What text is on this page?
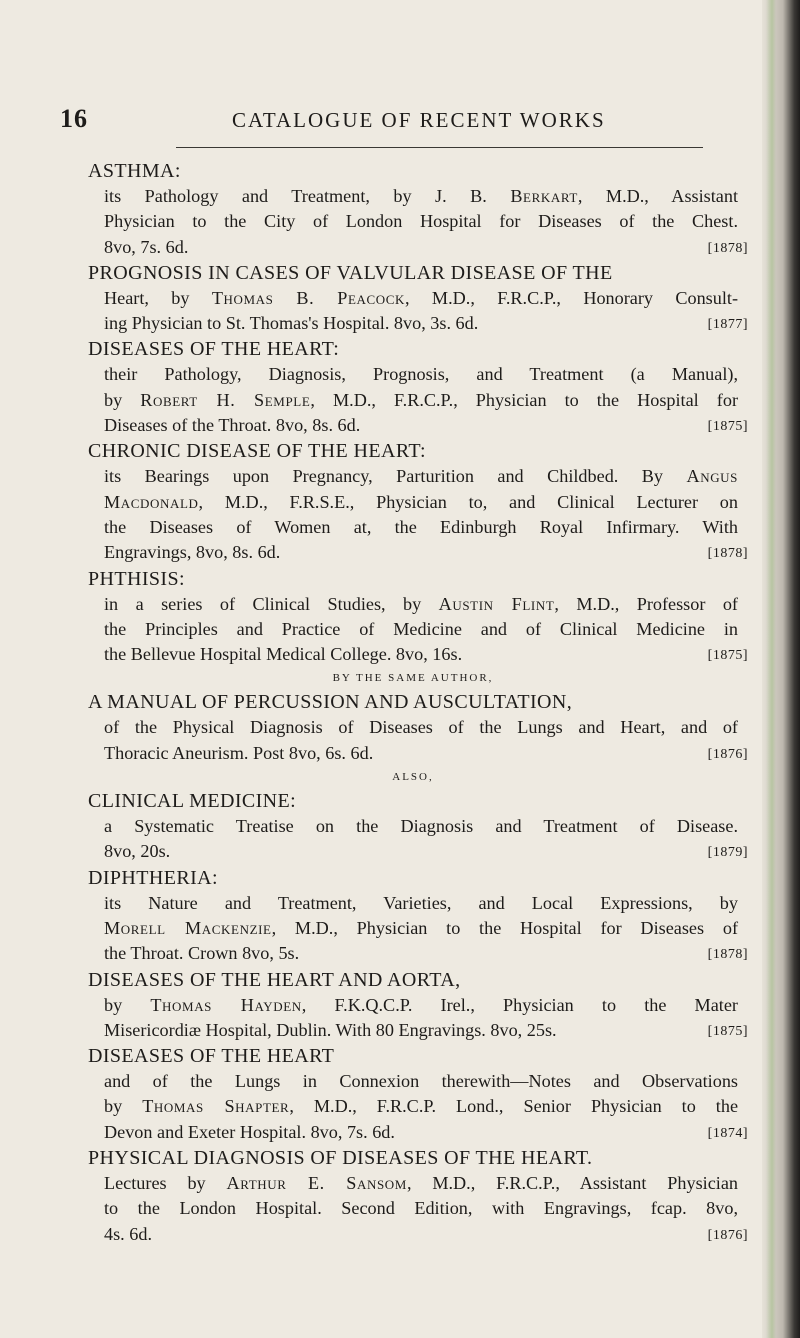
16	CATALOGUE OF RECENT WORKS
ASTHMA:
its Pathology and Treatment, by J. B. Berkart, M.D., Assistant
Physician to the City of London Hospital for Diseases of the Chest.
8vo, 7s. 6d.	[1878]
PROGNOSIS IN CASES OF VALVULAR DISEASE OF THE
Heart, by Thomas B. Peacock, M.D., F.R.C.P., Honorary Consult-
ing Physician to St. Thomas's Hospital. 8vo, 3s. 6d.	[1877]
DISEASES OF THE HEART:
their Pathology, Diagnosis, Prognosis, and Treatment (a Manual),
by Robert H. Semple, M.D., F.R.C.P., Physician to the Hospital for
Diseases of the Throat. 8vo, 8s. 6d.	[1875]
CHRONIC DISEASE OF THE HEART:
its Bearings upon Pregnancy, Parturition and Childbed. By Angus
Macdonald, M.D., F.R.S.E., Physician to, and Clinical Lecturer on
the Diseases of Women at, the Edinburgh Royal Infirmary. With
Engravings, 8vo, 8s. 6d.	[1878]
PHTHISIS:
in a series of Clinical Studies, by Austin Flint, M.D., Professor of
the Principles and Practice of Medicine and of Clinical Medicine in
the Bellevue Hospital Medical College. 8vo, 16s.	[1875]
BY THE SAME AUTHOR,
A MANUAL OF PERCUSSION AND AUSCULTATION,
of the Physical Diagnosis of Diseases of the Lungs and Heart, and of
Thoracic Aneurism. Post 8vo, 6s. 6d.	[1876]
ALSO,
CLINICAL MEDICINE:
a Systematic Treatise on the Diagnosis and Treatment of Disease.
8vo, 20s.	[1879]
DIPHTHERIA:
its Nature and Treatment, Varieties, and Local Expressions, by
Morell Mackenzie, M.D., Physician to the Hospital for Diseases of
the Throat. Crown 8vo, 5s.	[1878]
DISEASES OF THE HEART AND AORTA,
by Thomas Hayden, F.K.Q.C.P. Irel., Physician to the Mater
Misericordiæ Hospital, Dublin. With 80 Engravings. 8vo, 25s.	[1875]
DISEASES OF THE HEART
and of the Lungs in Connexion therewith—Notes and Observations
by Thomas Shapter, M.D., F.R.C.P. Lond., Senior Physician to the
Devon and Exeter Hospital. 8vo, 7s. 6d.	[1874]
PHYSICAL DIAGNOSIS OF DISEASES OF THE HEART.
Lectures by Arthur E. Sansom, M.D., F.R.C.P., Assistant Physician
to the London Hospital. Second Edition, with Engravings, fcap. 8vo,
4s. 6d.	[1876]
